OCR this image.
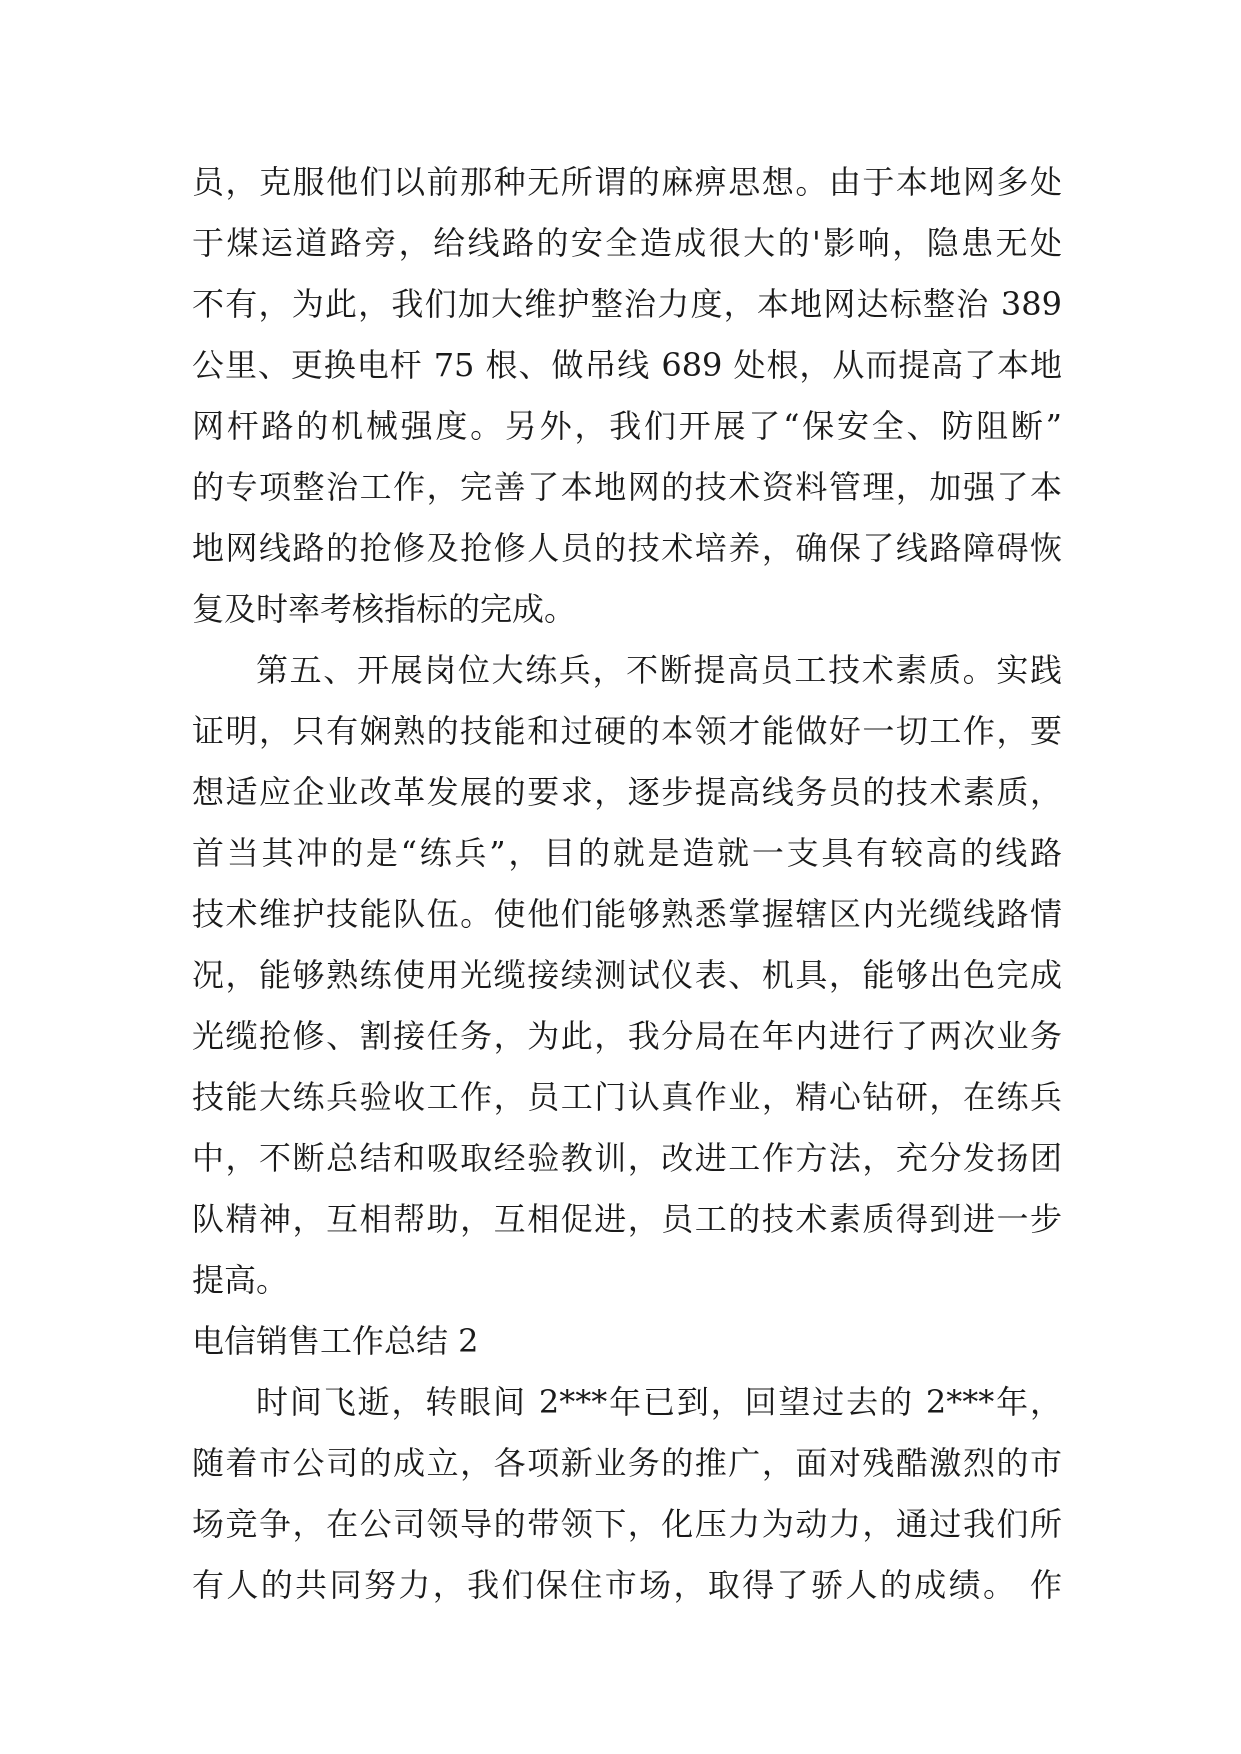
员，克服他们以前那种无所谓的麻痹思想。由于本地网多处
于煤运道路旁，给线路的安全造成很大的'影响，隐患无处
不有，为此，我们加大维护整治力度，本地网达标整治 389
公里、更换电杆 75 根、做吊线 689 处根，从而提高了本地
网杆路的机械强度。另外，我们开展了“保安全、防阻断”
的专项整治工作，完善了本地网的技术资料管理，加强了本
地网线路的抢修及抢修人员的技术培养，确保了线路障碍恢
复及时率考核指标的完成。
第五、开展岗位大练兵，不断提高员工技术素质。实践
证明，只有娴熟的技能和过硬的本领才能做好一切工作，要
想适应企业改革发展的要求，逐步提高线务员的技术素质，
首当其冲的是“练兵”，目的就是造就一支具有较高的线路
技术维护技能队伍。使他们能够熟悉掌握辖区内光缆线路情
况，能够熟练使用光缆接续测试仪表、机具，能够出色完成
光缆抢修、割接任务，为此，我分局在年内进行了两次业务
技能大练兵验收工作，员工门认真作业，精心钻研，在练兵
中，不断总结和吸取经验教训，改进工作方法，充分发扬团
队精神，互相帮助，互相促进，员工的技术素质得到进一步
提高。
电信销售工作总结 2
时间飞逝，转眼间 2***年已到，回望过去的 2***年，
随着市公司的成立，各项新业务的推广，面对残酷激烈的市
场竞争，在公司领导的带领下，化压力为动力，通过我们所
有人的共同努力，我们保住市场，取得了骄人的成绩。 作
